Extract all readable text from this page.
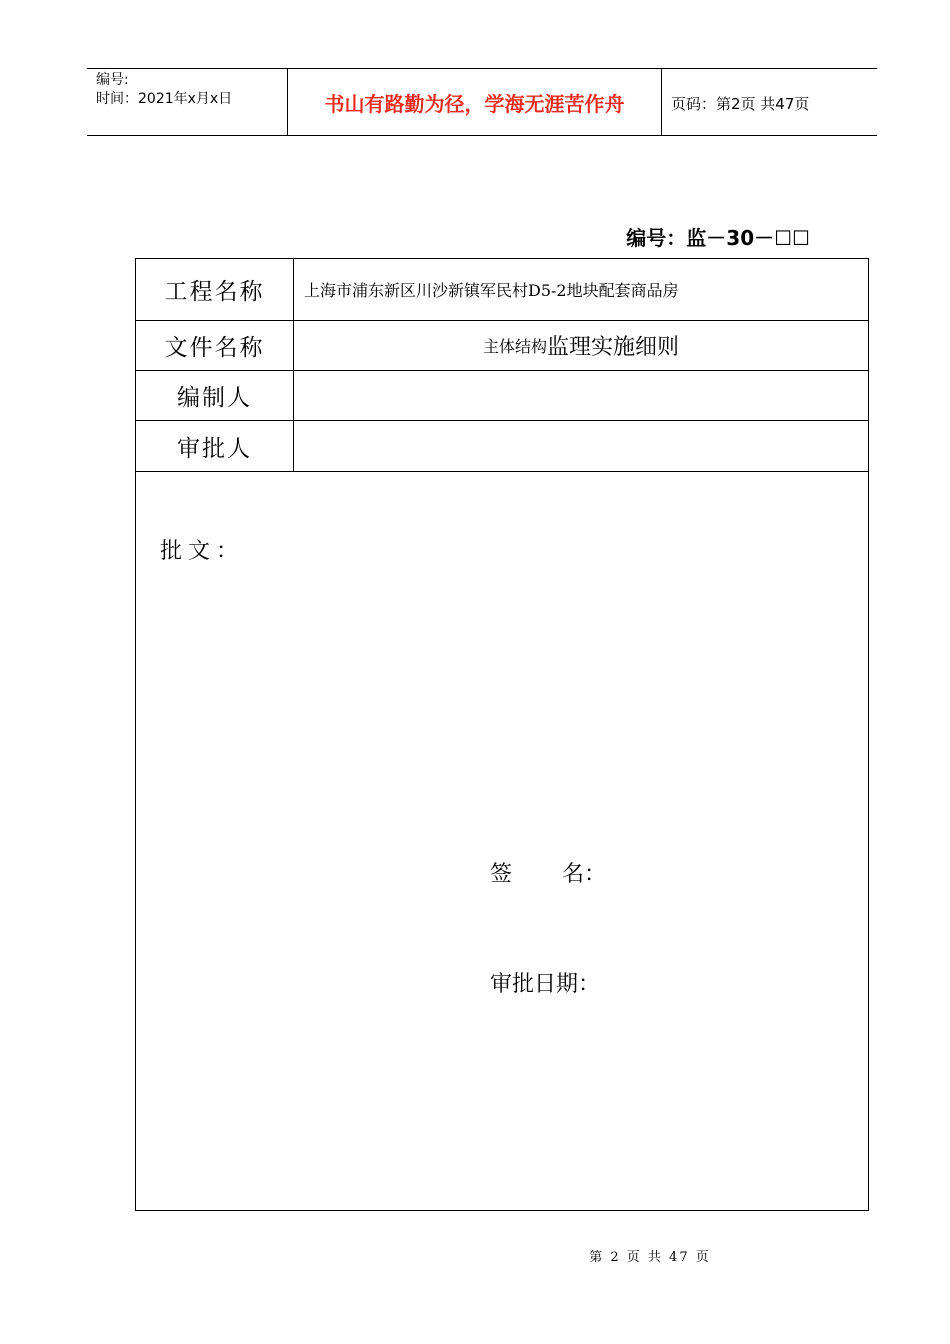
编号:
时间：2021年x月x日	书山有路勤为径，学海无涯苦作舟	页码：第2页 共47页
编号：监－30－☐☐
工程名称	上海市浦东新区川沙新镇军民村D5-2地块配套商品房
文件名称	主体结构 监理实施细则
编制人
审批人
批文：
签 名：
审批日期：
第 2 页 共 47 页
